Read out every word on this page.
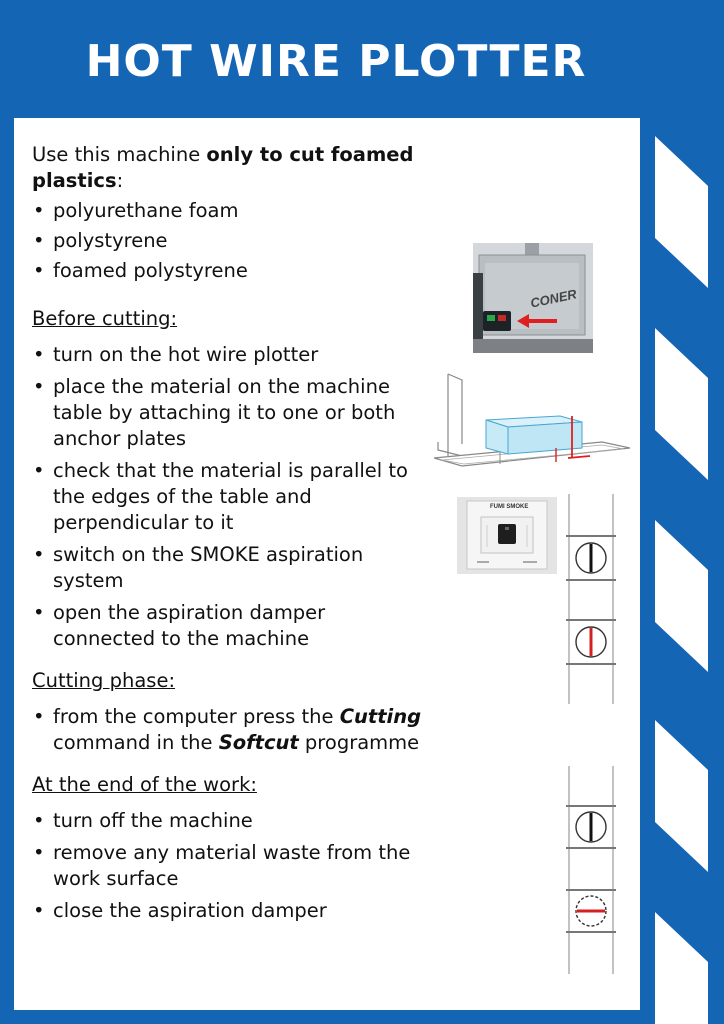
HOT WIRE PLOTTER

Use this machine only to cut foamed plastics:

• polyurethane foam
• polystyrene
• foamed polystyrene

Before cutting:

• turn on the hot wire plotter
• place the material on the machine table by attaching it to one or both anchor plates
• check that the material is parallel to the edges of the table and perpendicular to it
• switch on the SMOKE aspiration system
• open the aspiration damper connected to the machine

Cutting phase:

• from the computer press the Cutting command in the Softcut programme

At the end of the work:

• turn off the machine
• remove any material waste from the work surface
• close the aspiration damper
CONER
FUMI SMOKE
